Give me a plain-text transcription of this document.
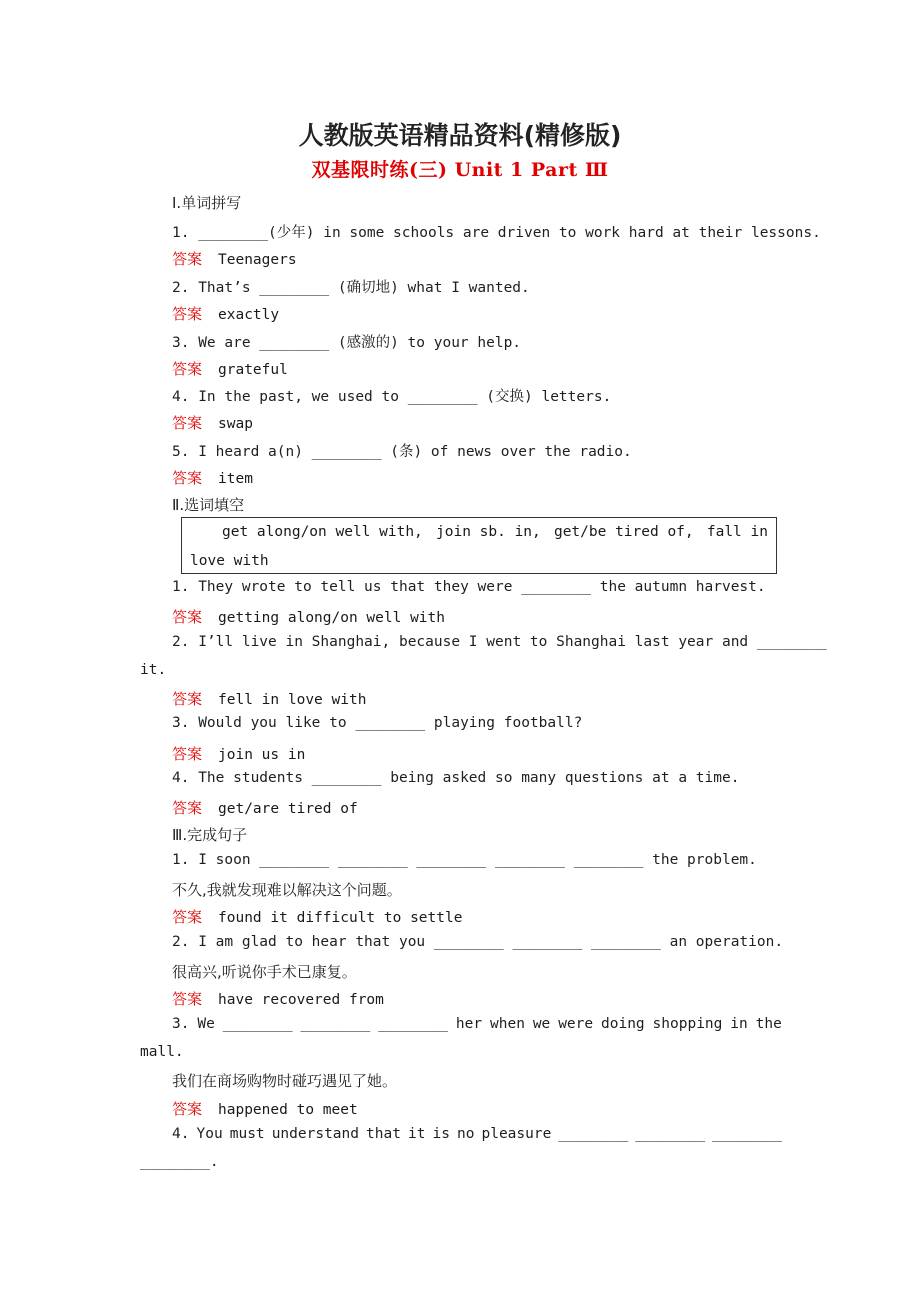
人教版英语精品资料(精修版)
双基限时练(三) Unit 1 Part Ⅲ
Ⅰ.单词拼写
1. ________(少年) in some schools are driven to work hard at their lessons.
答案 Teenagers
2. That’s ________ (确切地) what I wanted.
答案 exactly
3. We are ________ (感激的) to your help.
答案 grateful
4. In the past, we used to ________ (交换) letters.
答案 swap
5. I heard a(n) ________ (条) of news over the radio.
答案 item
Ⅱ.选词填空
get along/on well with, join sb. in, get/be tired of, fall in
love with
1. They wrote to tell us that they were ________ the autumn harvest.
答案 getting along/on well with
2. I’ll live in Shanghai, because I went to Shanghai last year and ________
it.
答案 fell in love with
3. Would you like to ________ playing football?
答案 join us in
4. The students ________ being asked so many questions at a time.
答案 get/are tired of
Ⅲ.完成句子
1. I soon ________ ________ ________ ________ ________ the problem.
不久,我就发现难以解决这个问题。
答案 found it difficult to settle
2. I am glad to hear that you ________ ________ ________ an operation.
很高兴,听说你手术已康复。
答案 have recovered from
3. We ________ ________ ________ her when we were doing shopping in the
mall.
我们在商场购物时碰巧遇见了她。
答案 happened to meet
4. You must understand that it is no pleasure ________ ________ ________
________.
